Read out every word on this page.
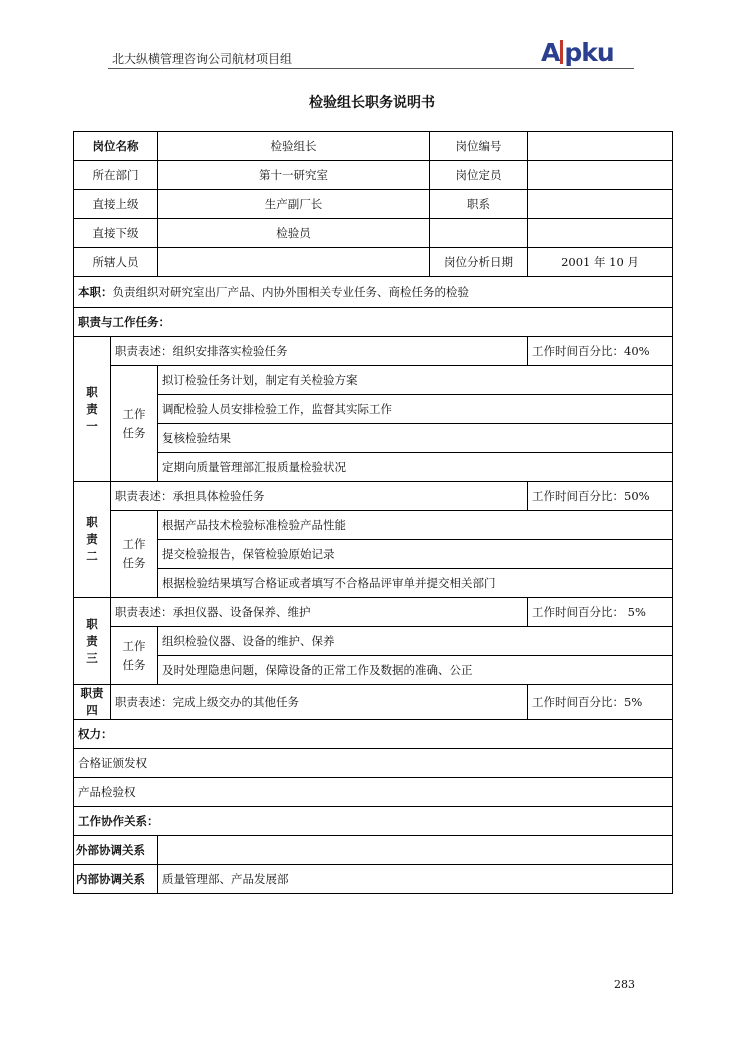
北大纵横管理咨询公司航材项目组	A pku
检验组长职务说明书
岗位名称		检验组长	岗位编号	
所在部门		第十一研究室	岗位定员	
直接上级		生产副厂长	职系	
直接下级		检验员		
所辖人员			岗位分析日期	2001 年 10 月
本职：负责组织对研究室出厂产品、内协外围相关专业任务、商检任务的检验				
职责与工作任务：				

职
责
一	职责表述：组织安排落实检验任务			工作时间百分比：40%

	工作
任务	拟订检验任务计划，制定有关检验方案		
		调配检验人员安排检验工作，监督其实际工作		
		复核检验结果		
		定期向质量管理部汇报质量检验状况		

职
责
二	职责表述：承担具体检验任务			工作时间百分比：50%

	工作
任务	根据产品技术检验标准检验产品性能		
		提交检验报告，保管检验原始记录		
		根据检验结果填写合格证或者填写不合格品评审单并提交相关部门		

职
责
三	职责表述：承担仪器、设备保养、维护			工作时间百分比： 5%

	工作
任务	组织检验仪器、设备的维护、保养		
		及时处理隐患问题，保障设备的正常工作及数据的准确、公正		

职责
四	职责表述：完成上级交办的其他任务			工作时间百分比：5%
权力：				
合格证颁发权				
产品检验权				
工作协作关系：				
外部协调关系				
内部协调关系		质量管理部、产品发展部		
283
